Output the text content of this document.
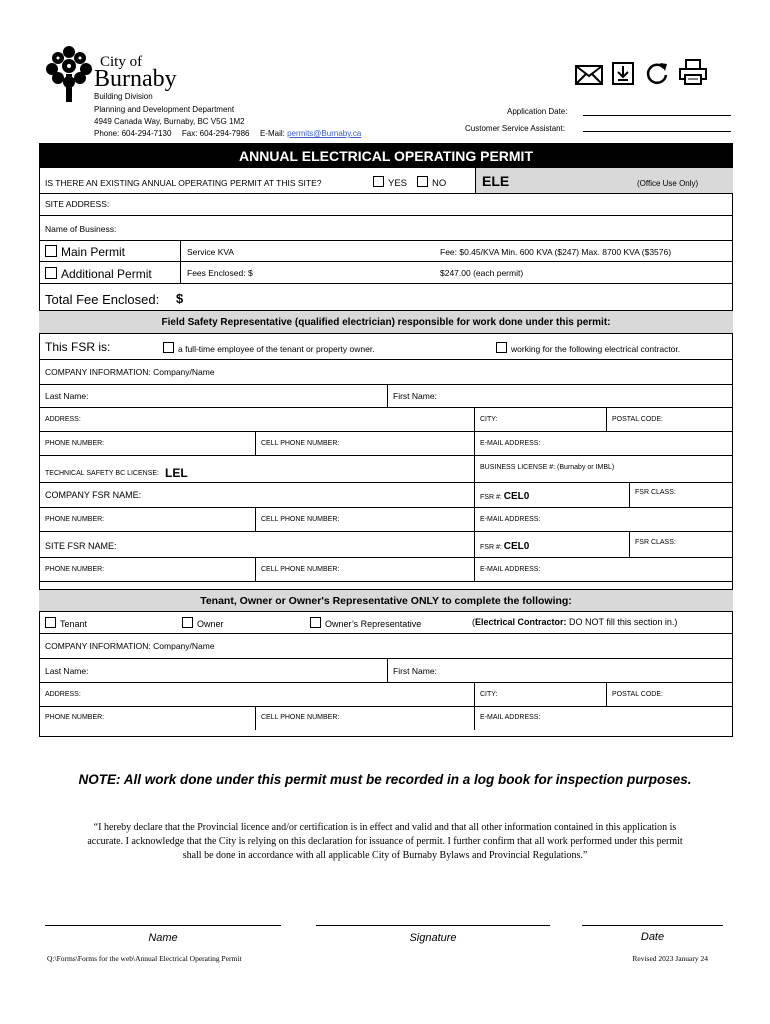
City of
Burnaby
Building Division
Planning and Development Department
4949 Canada Way, Burnaby, BC V5G 1M2
Phone: 604-294-7130 Fax: 604-294-7986 E-Mail: permits@Burnaby.ca
Application Date:
Customer Service Assistant:
ANNUAL ELECTRICAL OPERATING PERMIT
IS THERE AN EXISTING ANNUAL OPERATING PERMIT AT THIS SITE?	YES	NO	ELE	(Office Use Only)
SITE ADDRESS:
Name of Business:
Main Permit	Service KVA	Fee: $0.45/KVA Min. 600 KVA ($247) Max. 8700 KVA ($3576)
Additional Permit	Fees Enclosed: $	$247.00 (each permit)
Total Fee Enclosed: $
Field Safety Representative (qualified electrician) responsible for work done under this permit:
This FSR is:	a full-time employee of the tenant or property owner.	working for the following electrical contractor.
COMPANY INFORMATION: Company/Name
Last Name:	First Name:
ADDRESS:	CITY:	POSTAL CODE:
PHONE NUMBER:	CELL PHONE NUMBER:	E-MAIL ADDRESS:
TECHNICAL SAFETY BC LICENSE: LEL	BUSINESS LICENSE #: (Burnaby or IMBL)
COMPANY FSR NAME:	FSR #: CEL0	FSR CLASS:
PHONE NUMBER:	CELL PHONE NUMBER:	E-MAIL ADDRESS:
SITE FSR NAME:	FSR #: CEL0	FSR CLASS:
PHONE NUMBER:	CELL PHONE NUMBER:	E-MAIL ADDRESS:
Tenant, Owner or Owner's Representative ONLY to complete the following:
Tenant	Owner	Owner’s Representative	(Electrical Contractor: DO NOT fill this section in.)
COMPANY INFORMATION: Company/Name
Last Name:	First Name:
ADDRESS:	CITY:	POSTAL CODE:
PHONE NUMBER:	CELL PHONE NUMBER:	E-MAIL ADDRESS:
NOTE: All work done under this permit must be recorded in a log book for inspection purposes.
“I hereby declare that the Provincial licence and/or certification is in effect and valid and that all other information contained in this application is
accurate. I acknowledge that the City is relying on this declaration for issuance of permit. I further confirm that all work performed under this permit
shall be done in accordance with all applicable City of Burnaby Bylaws and Provincial Regulations.”
Name	Signature	Date
Q:\Forms\Forms for the web\Annual Electrical Operating Permit	Revised 2023 January 24
